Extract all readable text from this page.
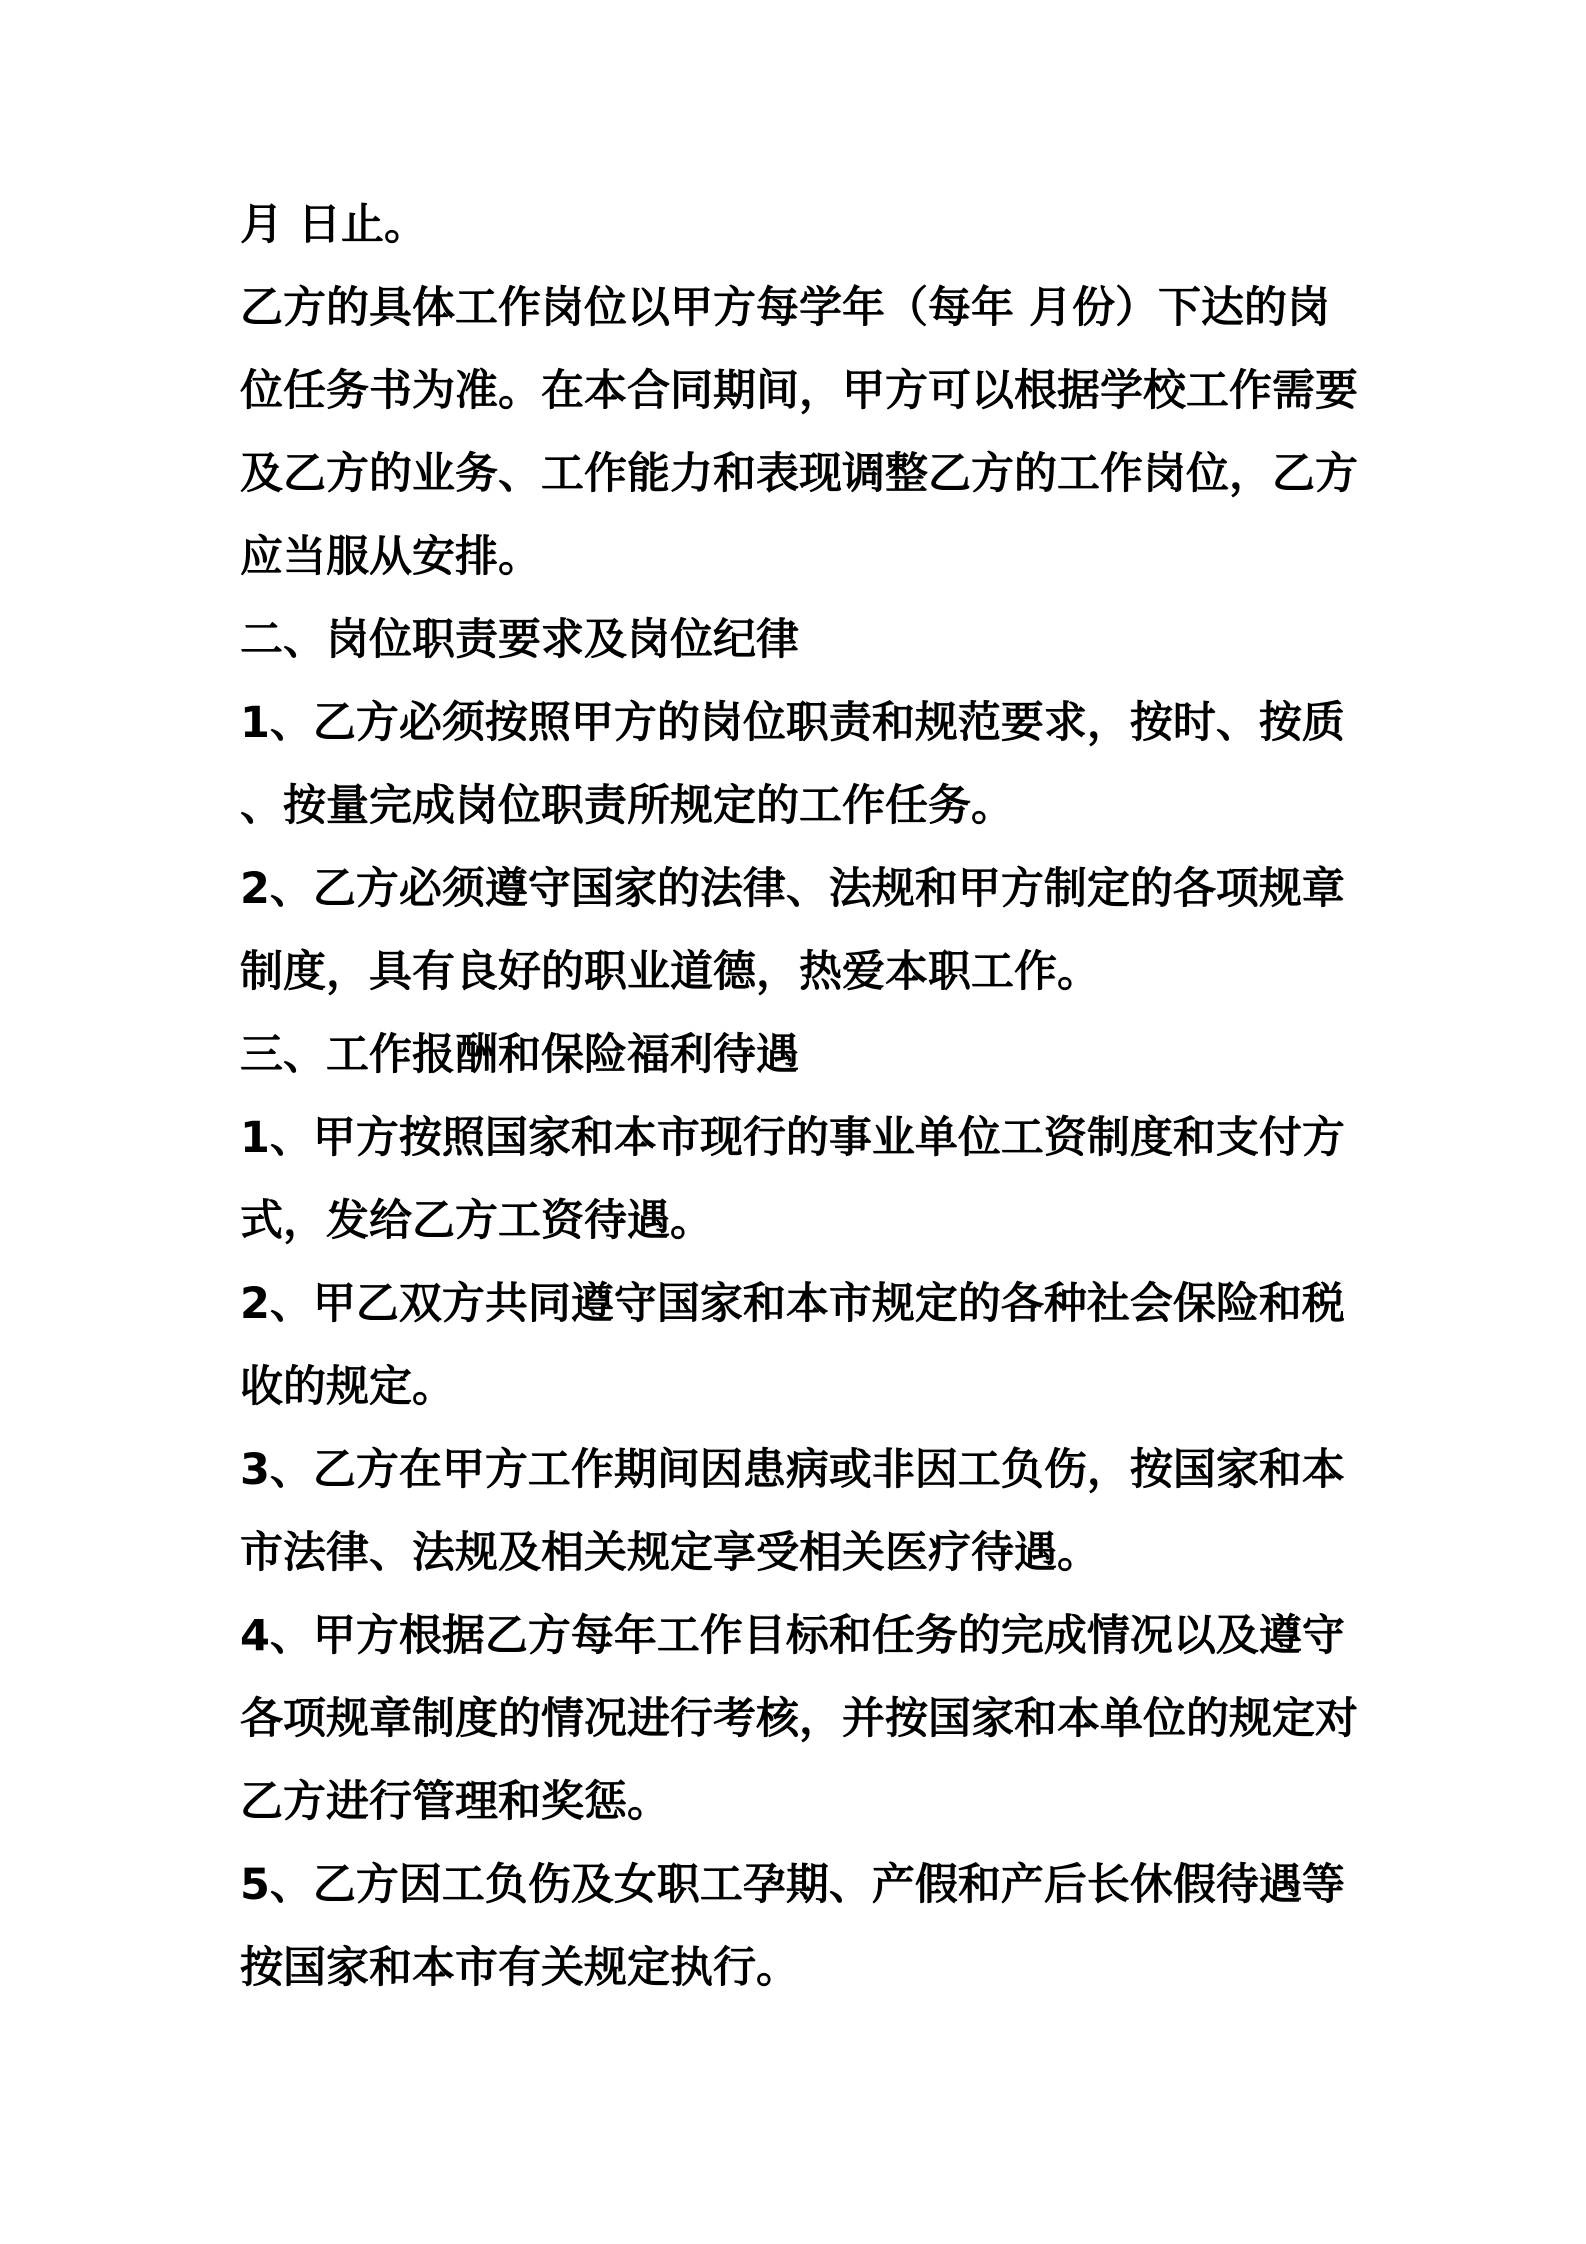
月 日止。
乙方的具体工作岗位以甲方每学年（每年 月份）下达的岗
位任务书为准。在本合同期间，甲方可以根据学校工作需要
及乙方的业务、工作能力和表现调整乙方的工作岗位，乙方
应当服从安排。
二、岗位职责要求及岗位纪律
1、乙方必须按照甲方的岗位职责和规范要求，按时、按质
、按量完成岗位职责所规定的工作任务。
2、乙方必须遵守国家的法律、法规和甲方制定的各项规章
制度，具有良好的职业道德，热爱本职工作。
三、工作报酬和保险福利待遇
1、甲方按照国家和本市现行的事业单位工资制度和支付方
式，发给乙方工资待遇。
2、甲乙双方共同遵守国家和本市规定的各种社会保险和税
收的规定。
3、乙方在甲方工作期间因患病或非因工负伤，按国家和本
市法律、法规及相关规定享受相关医疗待遇。
4、甲方根据乙方每年工作目标和任务的完成情况以及遵守
各项规章制度的情况进行考核，并按国家和本单位的规定对
乙方进行管理和奖惩。
5、乙方因工负伤及女职工孕期、产假和产后长休假待遇等
按国家和本市有关规定执行。
